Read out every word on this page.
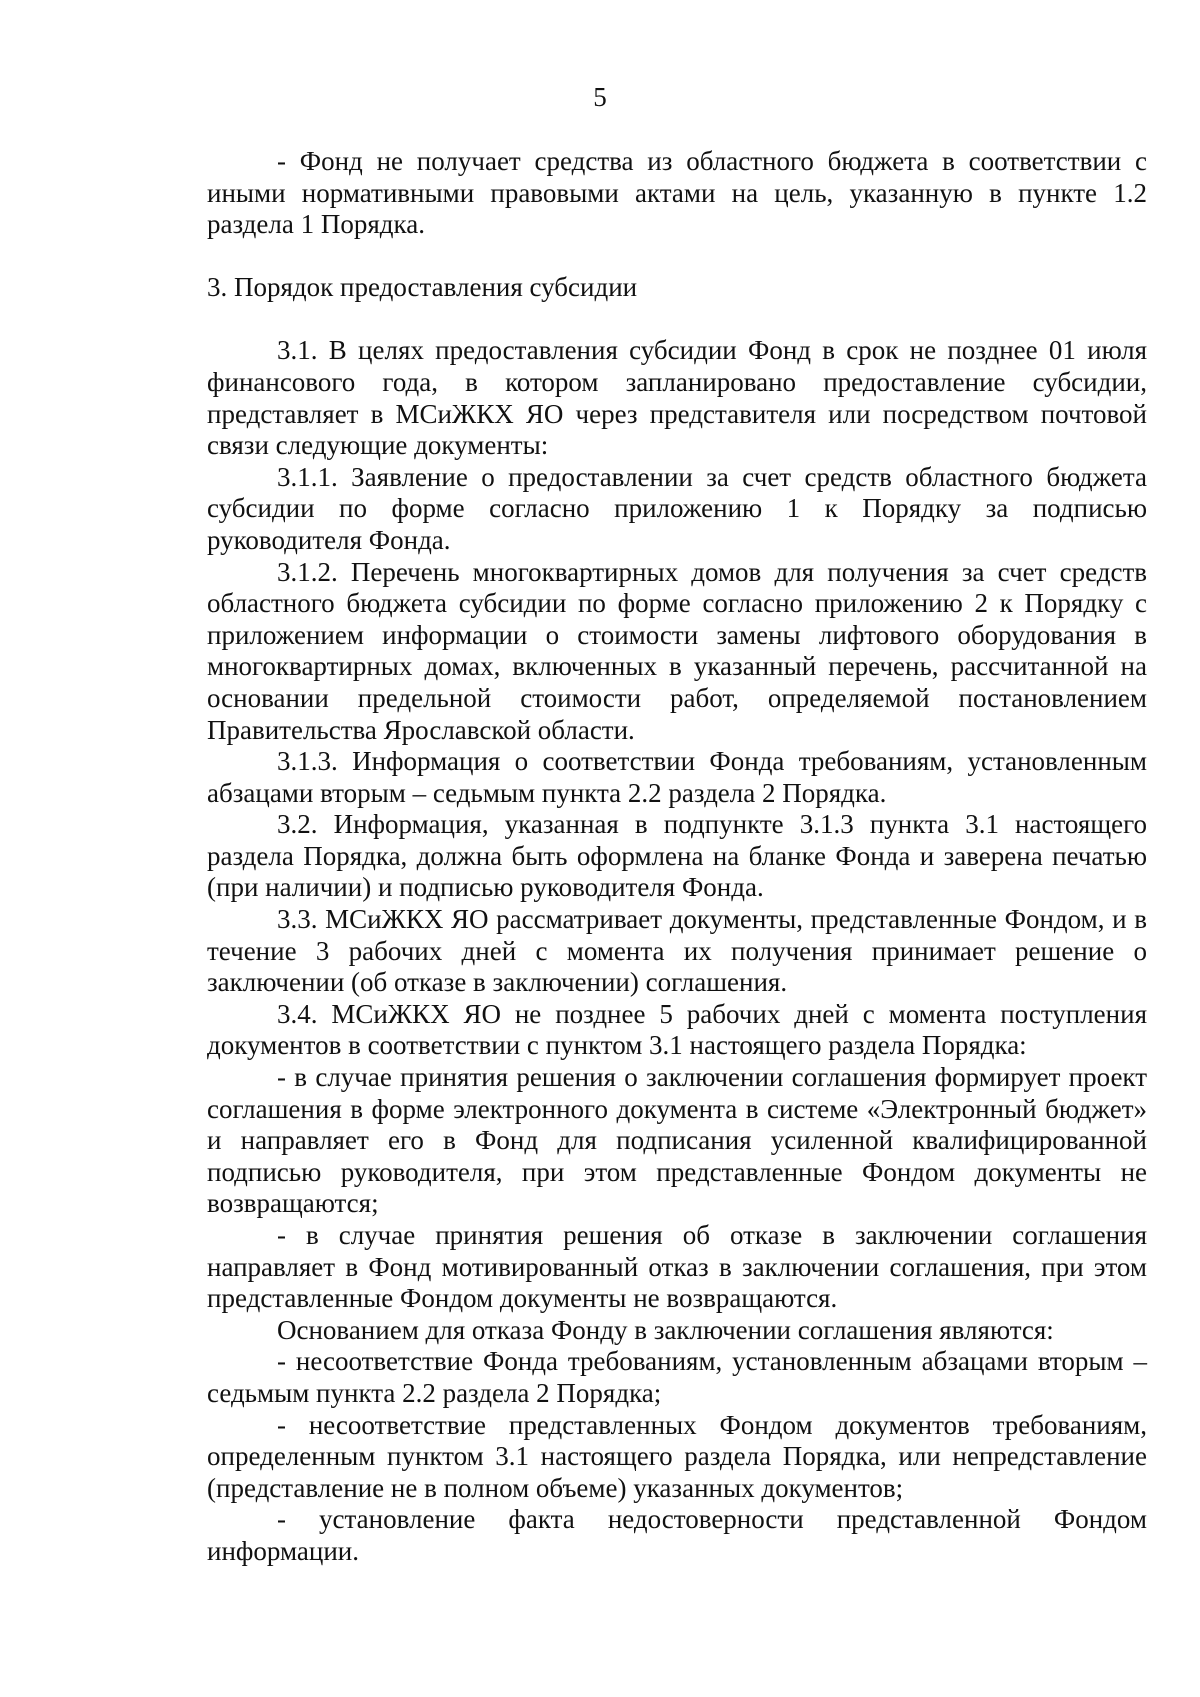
5

- Фонд не получает средства из областного бюджета в соответствии с иными нормативными правовыми актами на цель, указанную в пункте 1.2 раздела 1 Порядка.

3. Порядок предоставления субсидии

3.1. В целях предоставления субсидии Фонд в срок не позднее 01 июля финансового года, в котором запланировано предоставление субсидии, представляет в МСиЖКХ ЯО через представителя или посредством почтовой связи следующие документы:

3.1.1. Заявление о предоставлении за счет средств областного бюджета субсидии по форме согласно приложению 1 к Порядку за подписью руководителя Фонда.

3.1.2. Перечень многоквартирных домов для получения за счет средств областного бюджета субсидии по форме согласно приложению 2 к Порядку с приложением информации о стоимости замены лифтового оборудования в многоквартирных домах, включенных в указанный перечень, рассчитанной на основании предельной стоимости работ, определяемой постановлением Правительства Ярославской области.

3.1.3. Информация о соответствии Фонда требованиям, установленным абзацами вторым – седьмым пункта 2.2 раздела 2 Порядка.

3.2. Информация, указанная в подпункте 3.1.3 пункта 3.1 настоящего раздела Порядка, должна быть оформлена на бланке Фонда и заверена печатью (при наличии) и подписью руководителя Фонда.

3.3. МСиЖКХ ЯО рассматривает документы, представленные Фондом, и в течение 3 рабочих дней с момента их получения принимает решение о заключении (об отказе в заключении) соглашения.

3.4. МСиЖКХ ЯО не позднее 5 рабочих дней с момента поступления документов в соответствии с пунктом 3.1 настоящего раздела Порядка:

- в случае принятия решения о заключении соглашения формирует проект соглашения в форме электронного документа в системе «Электронный бюджет» и направляет его в Фонд для подписания усиленной квалифицированной подписью руководителя, при этом представленные Фондом документы не возвращаются;

- в случае принятия решения об отказе в заключении соглашения направляет в Фонд мотивированный отказ в заключении соглашения, при этом представленные Фондом документы не возвращаются.

Основанием для отказа Фонду в заключении соглашения являются:

- несоответствие Фонда требованиям, установленным абзацами вторым – седьмым пункта 2.2 раздела 2 Порядка;

- несоответствие представленных Фондом документов требованиям, определенным пунктом 3.1 настоящего раздела Порядка, или непредставление (представление не в полном объеме) указанных документов;

- установление факта недостоверности представленной Фондом информации.
